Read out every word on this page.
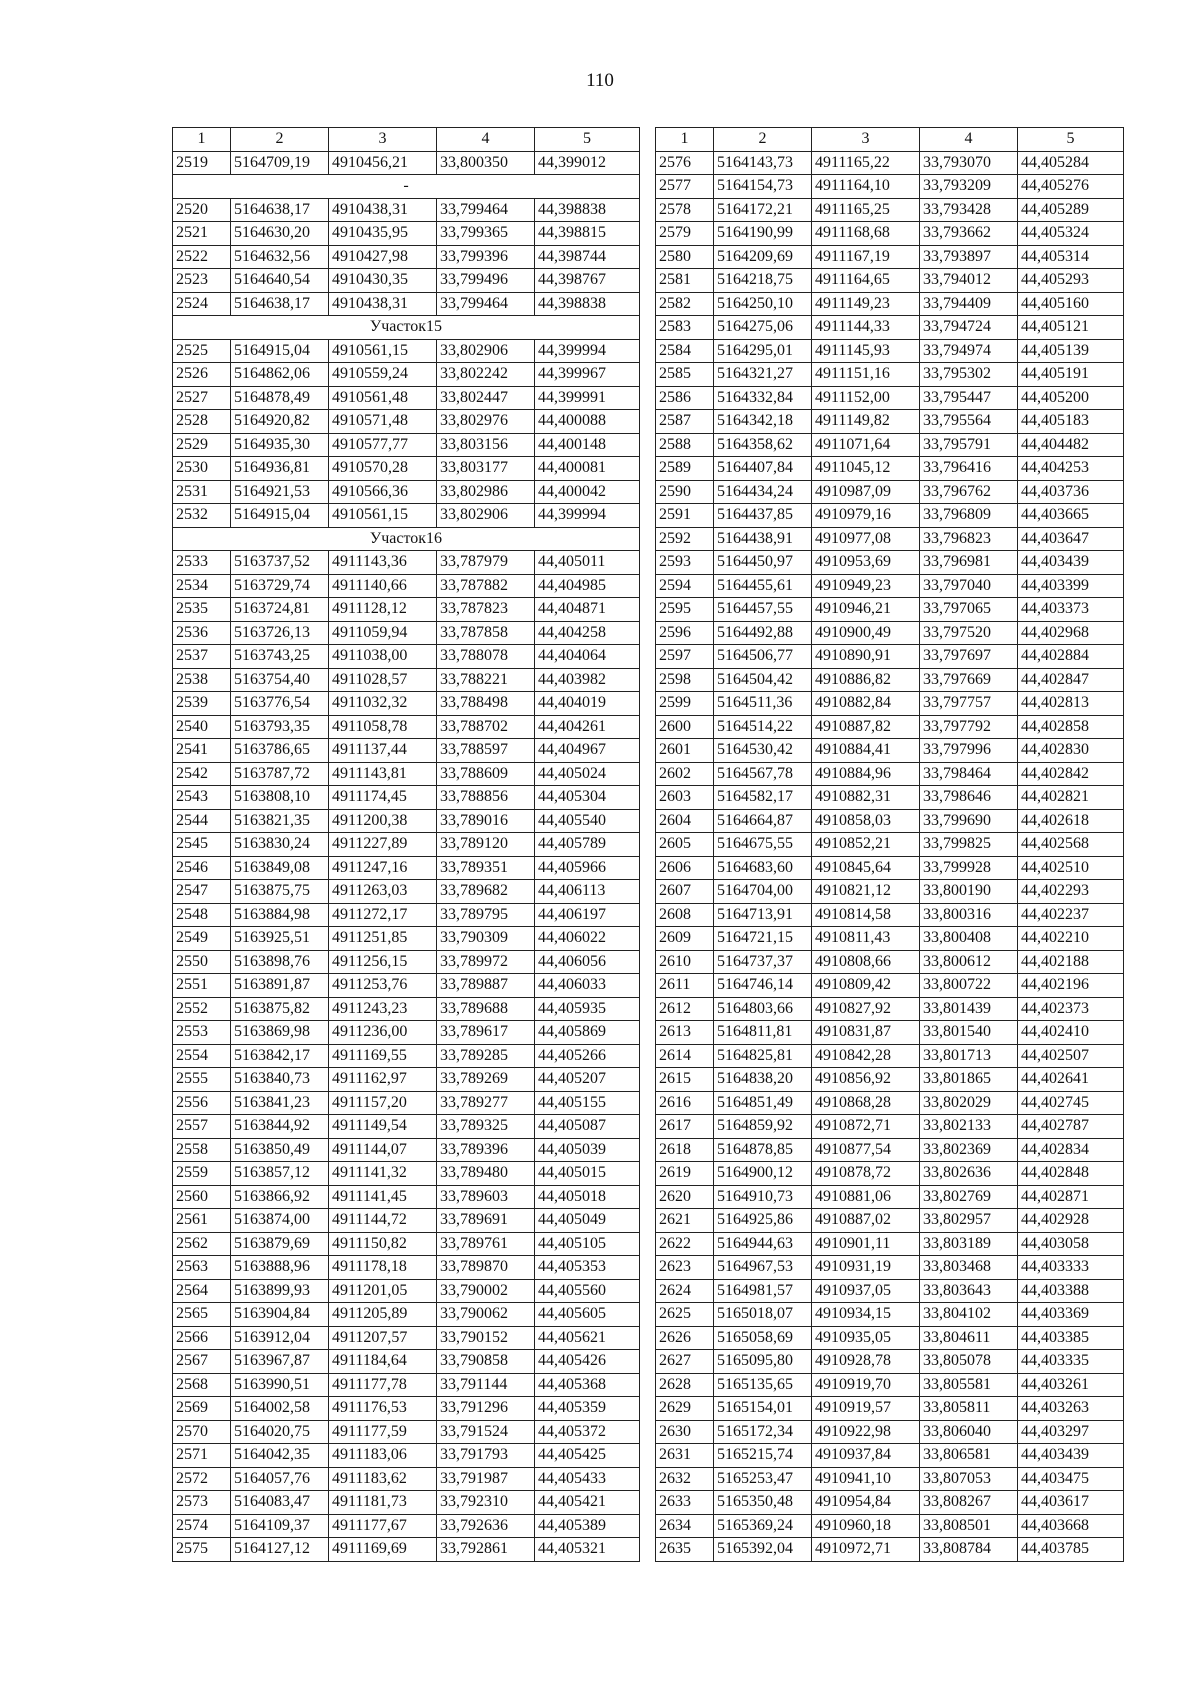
110
1	2	3	4	5
2519	5164709,19	4910456,21	33,800350	44,399012
-				
2520	5164638,17	4910438,31	33,799464	44,398838
2521	5164630,20	4910435,95	33,799365	44,398815
2522	5164632,56	4910427,98	33,799396	44,398744
2523	5164640,54	4910430,35	33,799496	44,398767
2524	5164638,17	4910438,31	33,799464	44,398838
Участок15				
2525	5164915,04	4910561,15	33,802906	44,399994
2526	5164862,06	4910559,24	33,802242	44,399967
2527	5164878,49	4910561,48	33,802447	44,399991
2528	5164920,82	4910571,48	33,802976	44,400088
2529	5164935,30	4910577,77	33,803156	44,400148
2530	5164936,81	4910570,28	33,803177	44,400081
2531	5164921,53	4910566,36	33,802986	44,400042
2532	5164915,04	4910561,15	33,802906	44,399994
Участок16				
2533	5163737,52	4911143,36	33,787979	44,405011
2534	5163729,74	4911140,66	33,787882	44,404985
2535	5163724,81	4911128,12	33,787823	44,404871
2536	5163726,13	4911059,94	33,787858	44,404258
2537	5163743,25	4911038,00	33,788078	44,404064
2538	5163754,40	4911028,57	33,788221	44,403982
2539	5163776,54	4911032,32	33,788498	44,404019
2540	5163793,35	4911058,78	33,788702	44,404261
2541	5163786,65	4911137,44	33,788597	44,404967
2542	5163787,72	4911143,81	33,788609	44,405024
2543	5163808,10	4911174,45	33,788856	44,405304
2544	5163821,35	4911200,38	33,789016	44,405540
2545	5163830,24	4911227,89	33,789120	44,405789
2546	5163849,08	4911247,16	33,789351	44,405966
2547	5163875,75	4911263,03	33,789682	44,406113
2548	5163884,98	4911272,17	33,789795	44,406197
2549	5163925,51	4911251,85	33,790309	44,406022
2550	5163898,76	4911256,15	33,789972	44,406056
2551	5163891,87	4911253,76	33,789887	44,406033
2552	5163875,82	4911243,23	33,789688	44,405935
2553	5163869,98	4911236,00	33,789617	44,405869
2554	5163842,17	4911169,55	33,789285	44,405266
2555	5163840,73	4911162,97	33,789269	44,405207
2556	5163841,23	4911157,20	33,789277	44,405155
2557	5163844,92	4911149,54	33,789325	44,405087
2558	5163850,49	4911144,07	33,789396	44,405039
2559	5163857,12	4911141,32	33,789480	44,405015
2560	5163866,92	4911141,45	33,789603	44,405018
2561	5163874,00	4911144,72	33,789691	44,405049
2562	5163879,69	4911150,82	33,789761	44,405105
2563	5163888,96	4911178,18	33,789870	44,405353
2564	5163899,93	4911201,05	33,790002	44,405560
2565	5163904,84	4911205,89	33,790062	44,405605
2566	5163912,04	4911207,57	33,790152	44,405621
2567	5163967,87	4911184,64	33,790858	44,405426
2568	5163990,51	4911177,78	33,791144	44,405368
2569	5164002,58	4911176,53	33,791296	44,405359
2570	5164020,75	4911177,59	33,791524	44,405372
2571	5164042,35	4911183,06	33,791793	44,405425
2572	5164057,76	4911183,62	33,791987	44,405433
2573	5164083,47	4911181,73	33,792310	44,405421
2574	5164109,37	4911177,67	33,792636	44,405389
2575	5164127,12	4911169,69	33,792861	44,405321
1	2	3	4	5
2576	5164143,73	4911165,22	33,793070	44,405284
2577	5164154,73	4911164,10	33,793209	44,405276
2578	5164172,21	4911165,25	33,793428	44,405289
2579	5164190,99	4911168,68	33,793662	44,405324
2580	5164209,69	4911167,19	33,793897	44,405314
2581	5164218,75	4911164,65	33,794012	44,405293
2582	5164250,10	4911149,23	33,794409	44,405160
2583	5164275,06	4911144,33	33,794724	44,405121
2584	5164295,01	4911145,93	33,794974	44,405139
2585	5164321,27	4911151,16	33,795302	44,405191
2586	5164332,84	4911152,00	33,795447	44,405200
2587	5164342,18	4911149,82	33,795564	44,405183
2588	5164358,62	4911071,64	33,795791	44,404482
2589	5164407,84	4911045,12	33,796416	44,404253
2590	5164434,24	4910987,09	33,796762	44,403736
2591	5164437,85	4910979,16	33,796809	44,403665
2592	5164438,91	4910977,08	33,796823	44,403647
2593	5164450,97	4910953,69	33,796981	44,403439
2594	5164455,61	4910949,23	33,797040	44,403399
2595	5164457,55	4910946,21	33,797065	44,403373
2596	5164492,88	4910900,49	33,797520	44,402968
2597	5164506,77	4910890,91	33,797697	44,402884
2598	5164504,42	4910886,82	33,797669	44,402847
2599	5164511,36	4910882,84	33,797757	44,402813
2600	5164514,22	4910887,82	33,797792	44,402858
2601	5164530,42	4910884,41	33,797996	44,402830
2602	5164567,78	4910884,96	33,798464	44,402842
2603	5164582,17	4910882,31	33,798646	44,402821
2604	5164664,87	4910858,03	33,799690	44,402618
2605	5164675,55	4910852,21	33,799825	44,402568
2606	5164683,60	4910845,64	33,799928	44,402510
2607	5164704,00	4910821,12	33,800190	44,402293
2608	5164713,91	4910814,58	33,800316	44,402237
2609	5164721,15	4910811,43	33,800408	44,402210
2610	5164737,37	4910808,66	33,800612	44,402188
2611	5164746,14	4910809,42	33,800722	44,402196
2612	5164803,66	4910827,92	33,801439	44,402373
2613	5164811,81	4910831,87	33,801540	44,402410
2614	5164825,81	4910842,28	33,801713	44,402507
2615	5164838,20	4910856,92	33,801865	44,402641
2616	5164851,49	4910868,28	33,802029	44,402745
2617	5164859,92	4910872,71	33,802133	44,402787
2618	5164878,85	4910877,54	33,802369	44,402834
2619	5164900,12	4910878,72	33,802636	44,402848
2620	5164910,73	4910881,06	33,802769	44,402871
2621	5164925,86	4910887,02	33,802957	44,402928
2622	5164944,63	4910901,11	33,803189	44,403058
2623	5164967,53	4910931,19	33,803468	44,403333
2624	5164981,57	4910937,05	33,803643	44,403388
2625	5165018,07	4910934,15	33,804102	44,403369
2626	5165058,69	4910935,05	33,804611	44,403385
2627	5165095,80	4910928,78	33,805078	44,403335
2628	5165135,65	4910919,70	33,805581	44,403261
2629	5165154,01	4910919,57	33,805811	44,403263
2630	5165172,34	4910922,98	33,806040	44,403297
2631	5165215,74	4910937,84	33,806581	44,403439
2632	5165253,47	4910941,10	33,807053	44,403475
2633	5165350,48	4910954,84	33,808267	44,403617
2634	5165369,24	4910960,18	33,808501	44,403668
2635	5165392,04	4910972,71	33,808784	44,403785
